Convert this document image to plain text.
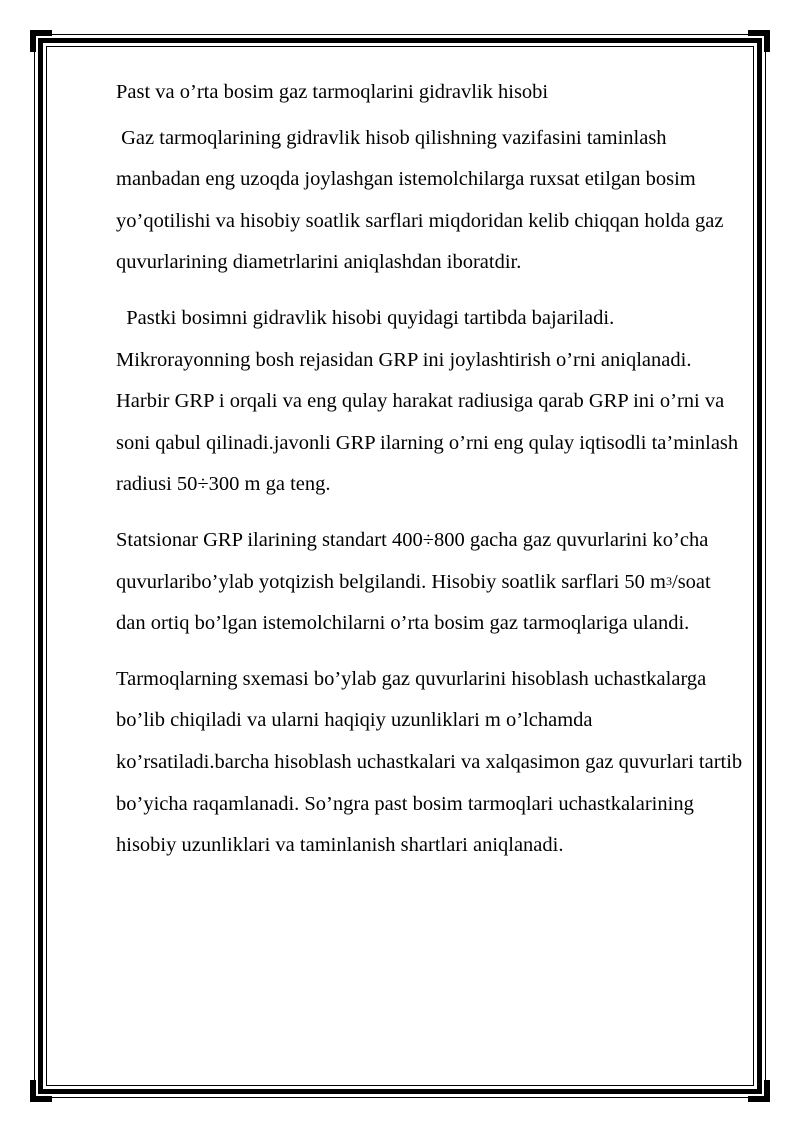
Past va o’rta bosim gaz tarmoqlarini gidravlik hisobi

Gaz tarmoqlarining gidravlik hisob qilishning vazifasini taminlash manbadan eng uzoqda joylashgan istemolchilarga ruxsat etilgan bosim yo’qotilishi va hisobiy soatlik sarflari miqdoridan kelib chiqqan holda gaz quvurlarining diametrlarini aniqlashdan iboratdir.

Pastki bosimni gidravlik hisobi quyidagi tartibda bajariladi. Mikrorayonning bosh rejasidan GRP ini joylashtirish o’rni aniqlanadi. Harbir GRP i orqali va eng qulay harakat radiusiga qarab GRP ini o’rni va soni qabul qilinadi.javonli GRP ilarning o’rni eng qulay iqtisodli ta’minlash radiusi 50÷300 m ga teng.

Statsionar GRP ilarining standart 400÷800 gacha gaz quvurlarini ko’cha quvurlaribo’ylab yotqizish belgilandi. Hisobiy soatlik sarflari 50 $m^3$/soat dan ortiq bo’lgan istemolchilarni o’rta bosim gaz tarmoqlariga ulandi.

Tarmoqlarning sxemasi bo’ylab gaz quvurlarini hisoblash uchastkalarga bo’lib chiqiladi va ularni haqiqiy uzunliklari m o’lchamda ko’rsatiladi.barcha hisoblash uchastkalari va xalqasimon gaz quvurlari tartib bo’yicha raqamlanadi. So’ngra past bosim tarmoqlari uchastkalarining hisobiy uzunliklari va taminlanish shartlari aniqlanadi.
